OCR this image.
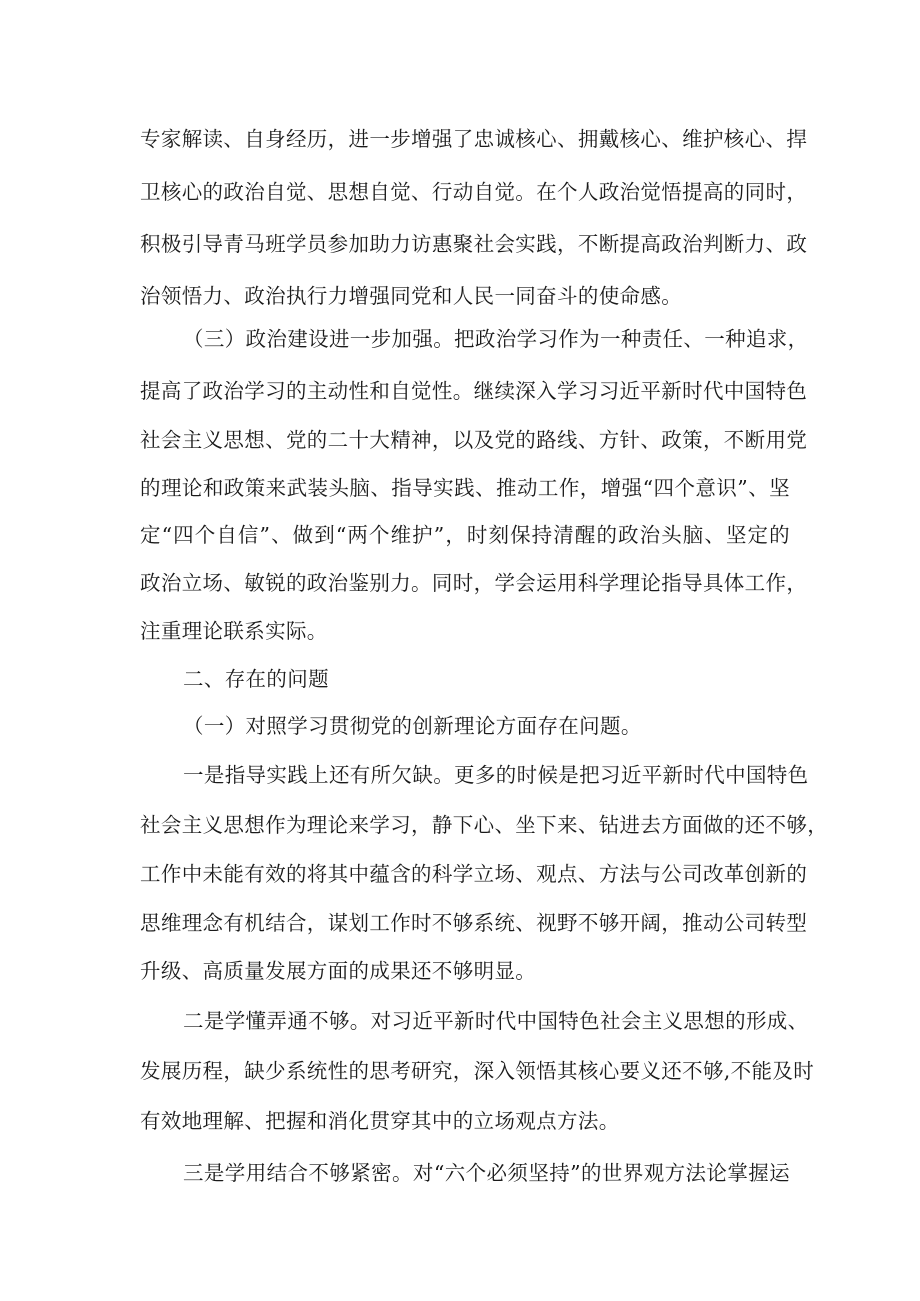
专家解读、自身经历，进一步增强了忠诚核心、拥戴核心、维护核心、捍
卫核心的政治自觉、思想自觉、行动自觉。在个人政治觉悟提高的同时，
积极引导青马班学员参加助力访惠聚社会实践，不断提高政治判断力、政
治领悟力、政治执行力增强同党和人民一同奋斗的使命感。
（三）政治建设进一步加强。把政治学习作为一种责任、一种追求，
提高了政治学习的主动性和自觉性。继续深入学习习近平新时代中国特色
社会主义思想、党的二十大精神，以及党的路线、方针、政策，不断用党
的理论和政策来武装头脑、指导实践、推动工作，增强“四个意识”、坚
定“四个自信”、做到“两个维护”，时刻保持清醒的政治头脑、坚定的
政治立场、敏锐的政治鉴别力。同时，学会运用科学理论指导具体工作，
注重理论联系实际。
二、存在的问题
（一）对照学习贯彻党的创新理论方面存在问题。
一是指导实践上还有所欠缺。更多的时候是把习近平新时代中国特色
社会主义思想作为理论来学习，静下心、坐下来、钻进去方面做的还不够，
工作中未能有效的将其中蕴含的科学立场、观点、方法与公司改革创新的
思维理念有机结合，谋划工作时不够系统、视野不够开阔，推动公司转型
升级、高质量发展方面的成果还不够明显。
二是学懂弄通不够。对习近平新时代中国特色社会主义思想的形成、
发展历程，缺少系统性的思考研究，深入领悟其核心要义还不够,不能及时
有效地理解、把握和消化贯穿其中的立场观点方法。
三是学用结合不够紧密。对“六个必须坚持”的世界观方法论掌握运
